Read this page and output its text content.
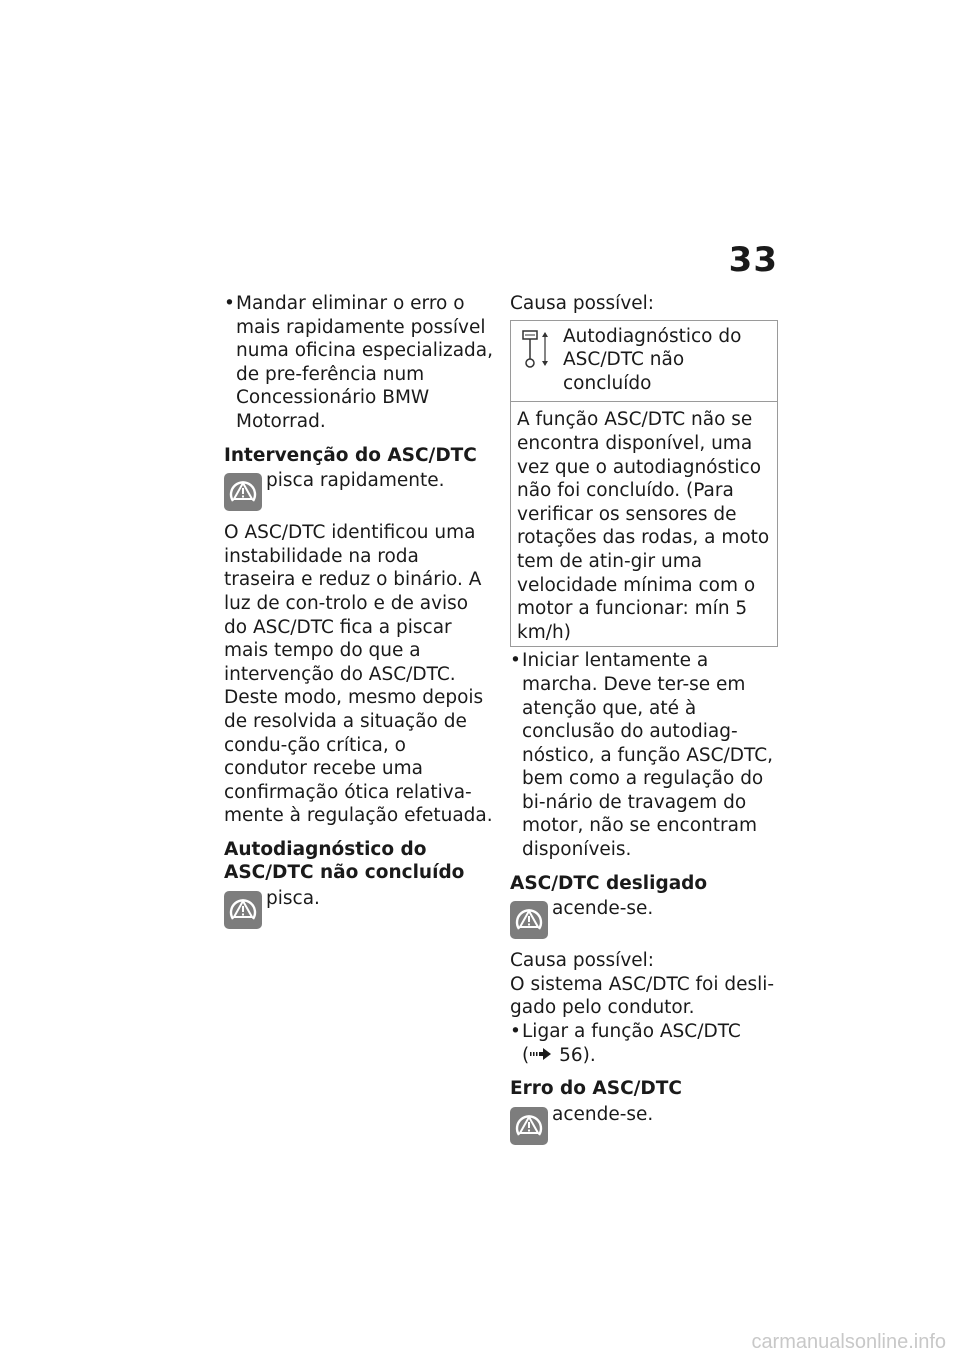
33

• Mandar eliminar o erro o mais rapidamente possível numa oficina especializada, de pre-ferência num Concessionário BMW Motorrad.

Intervenção do ASC/DTC

pisca rapidamente.

O ASC/DTC identificou uma instabilidade na roda traseira e reduz o binário. A luz de con-trolo e de aviso do ASC/DTC fica a piscar mais tempo do que a intervenção do ASC/DTC. Deste modo, mesmo depois de resolvida a situação de condu-ção crítica, o condutor recebe uma confirmação ótica relativa-mente à regulação efetuada.

Autodiagnóstico do ASC/DTC não concluído

pisca.

Causa possível:

Autodiagnóstico do ASC/DTC não concluído
A função ASC/DTC não se encontra disponível, uma vez que o autodiagnóstico não foi concluído. (Para verificar os sensores de rotações das rodas, a moto tem de atin-gir uma velocidade mínima com o motor a funcionar: mín 5 km/h)

• Iniciar lentamente a marcha. Deve ter-se em atenção que, até à conclusão do autodiag-nóstico, a função ASC/DTC, bem como a regulação do bi-nário de travagem do motor, não se encontram disponíveis.

ASC/DTC desligado

acende-se.

Causa possível:

O sistema ASC/DTC foi desli-gado pelo condutor.

• Ligar a função ASC/DTC
( 56).

Erro do ASC/DTC

acende-se.
carmanualsonline.info
